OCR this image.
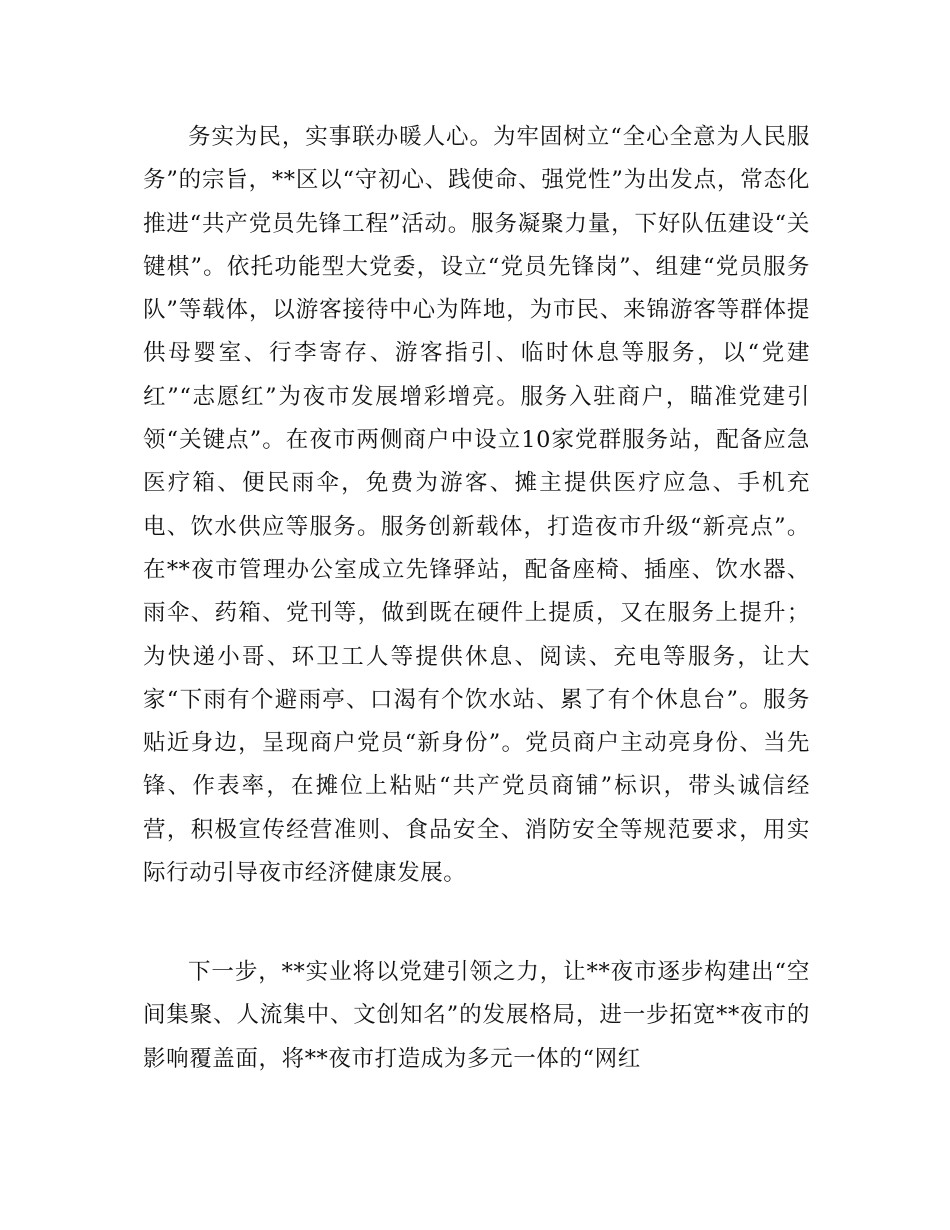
务实为民，实事联办暖人心。为牢固树立“全心全意为人民服务”的宗旨，**区以“守初心、践使命、强党性”为出发点，常态化推进“共产党员先锋工程”活动。服务凝聚力量，下好队伍建设“关键棋”。依托功能型大党委，设立“党员先锋岗”、组建“党员服务队”等载体，以游客接待中心为阵地，为市民、来锦游客等群体提供母婴室、行李寄存、游客指引、临时休息等服务，以“党建红”“志愿红”为夜市发展增彩增亮。服务入驻商户，瞄准党建引领“关键点”。在夜市两侧商户中设立10家党群服务站，配备应急医疗箱、便民雨伞，免费为游客、摊主提供医疗应急、手机充电、饮水供应等服务。服务创新载体，打造夜市升级“新亮点”。在**夜市管理办公室成立先锋驿站，配备座椅、插座、饮水器、雨伞、药箱、党刊等，做到既在硬件上提质，又在服务上提升；为快递小哥、环卫工人等提供休息、阅读、充电等服务，让大家“下雨有个避雨亭、口渴有个饮水站、累了有个休息台”。服务贴近身边，呈现商户党员“新身份”。党员商户主动亮身份、当先锋、作表率，在摊位上粘贴“共产党员商铺”标识，带头诚信经营，积极宣传经营准则、食品安全、消防安全等规范要求，用实际行动引导夜市经济健康发展。

下一步，**实业将以党建引领之力，让**夜市逐步构建出“空间集聚、人流集中、文创知名”的发展格局，进一步拓宽**夜市的影响覆盖面，将**夜市打造成为多元一体的“网红
